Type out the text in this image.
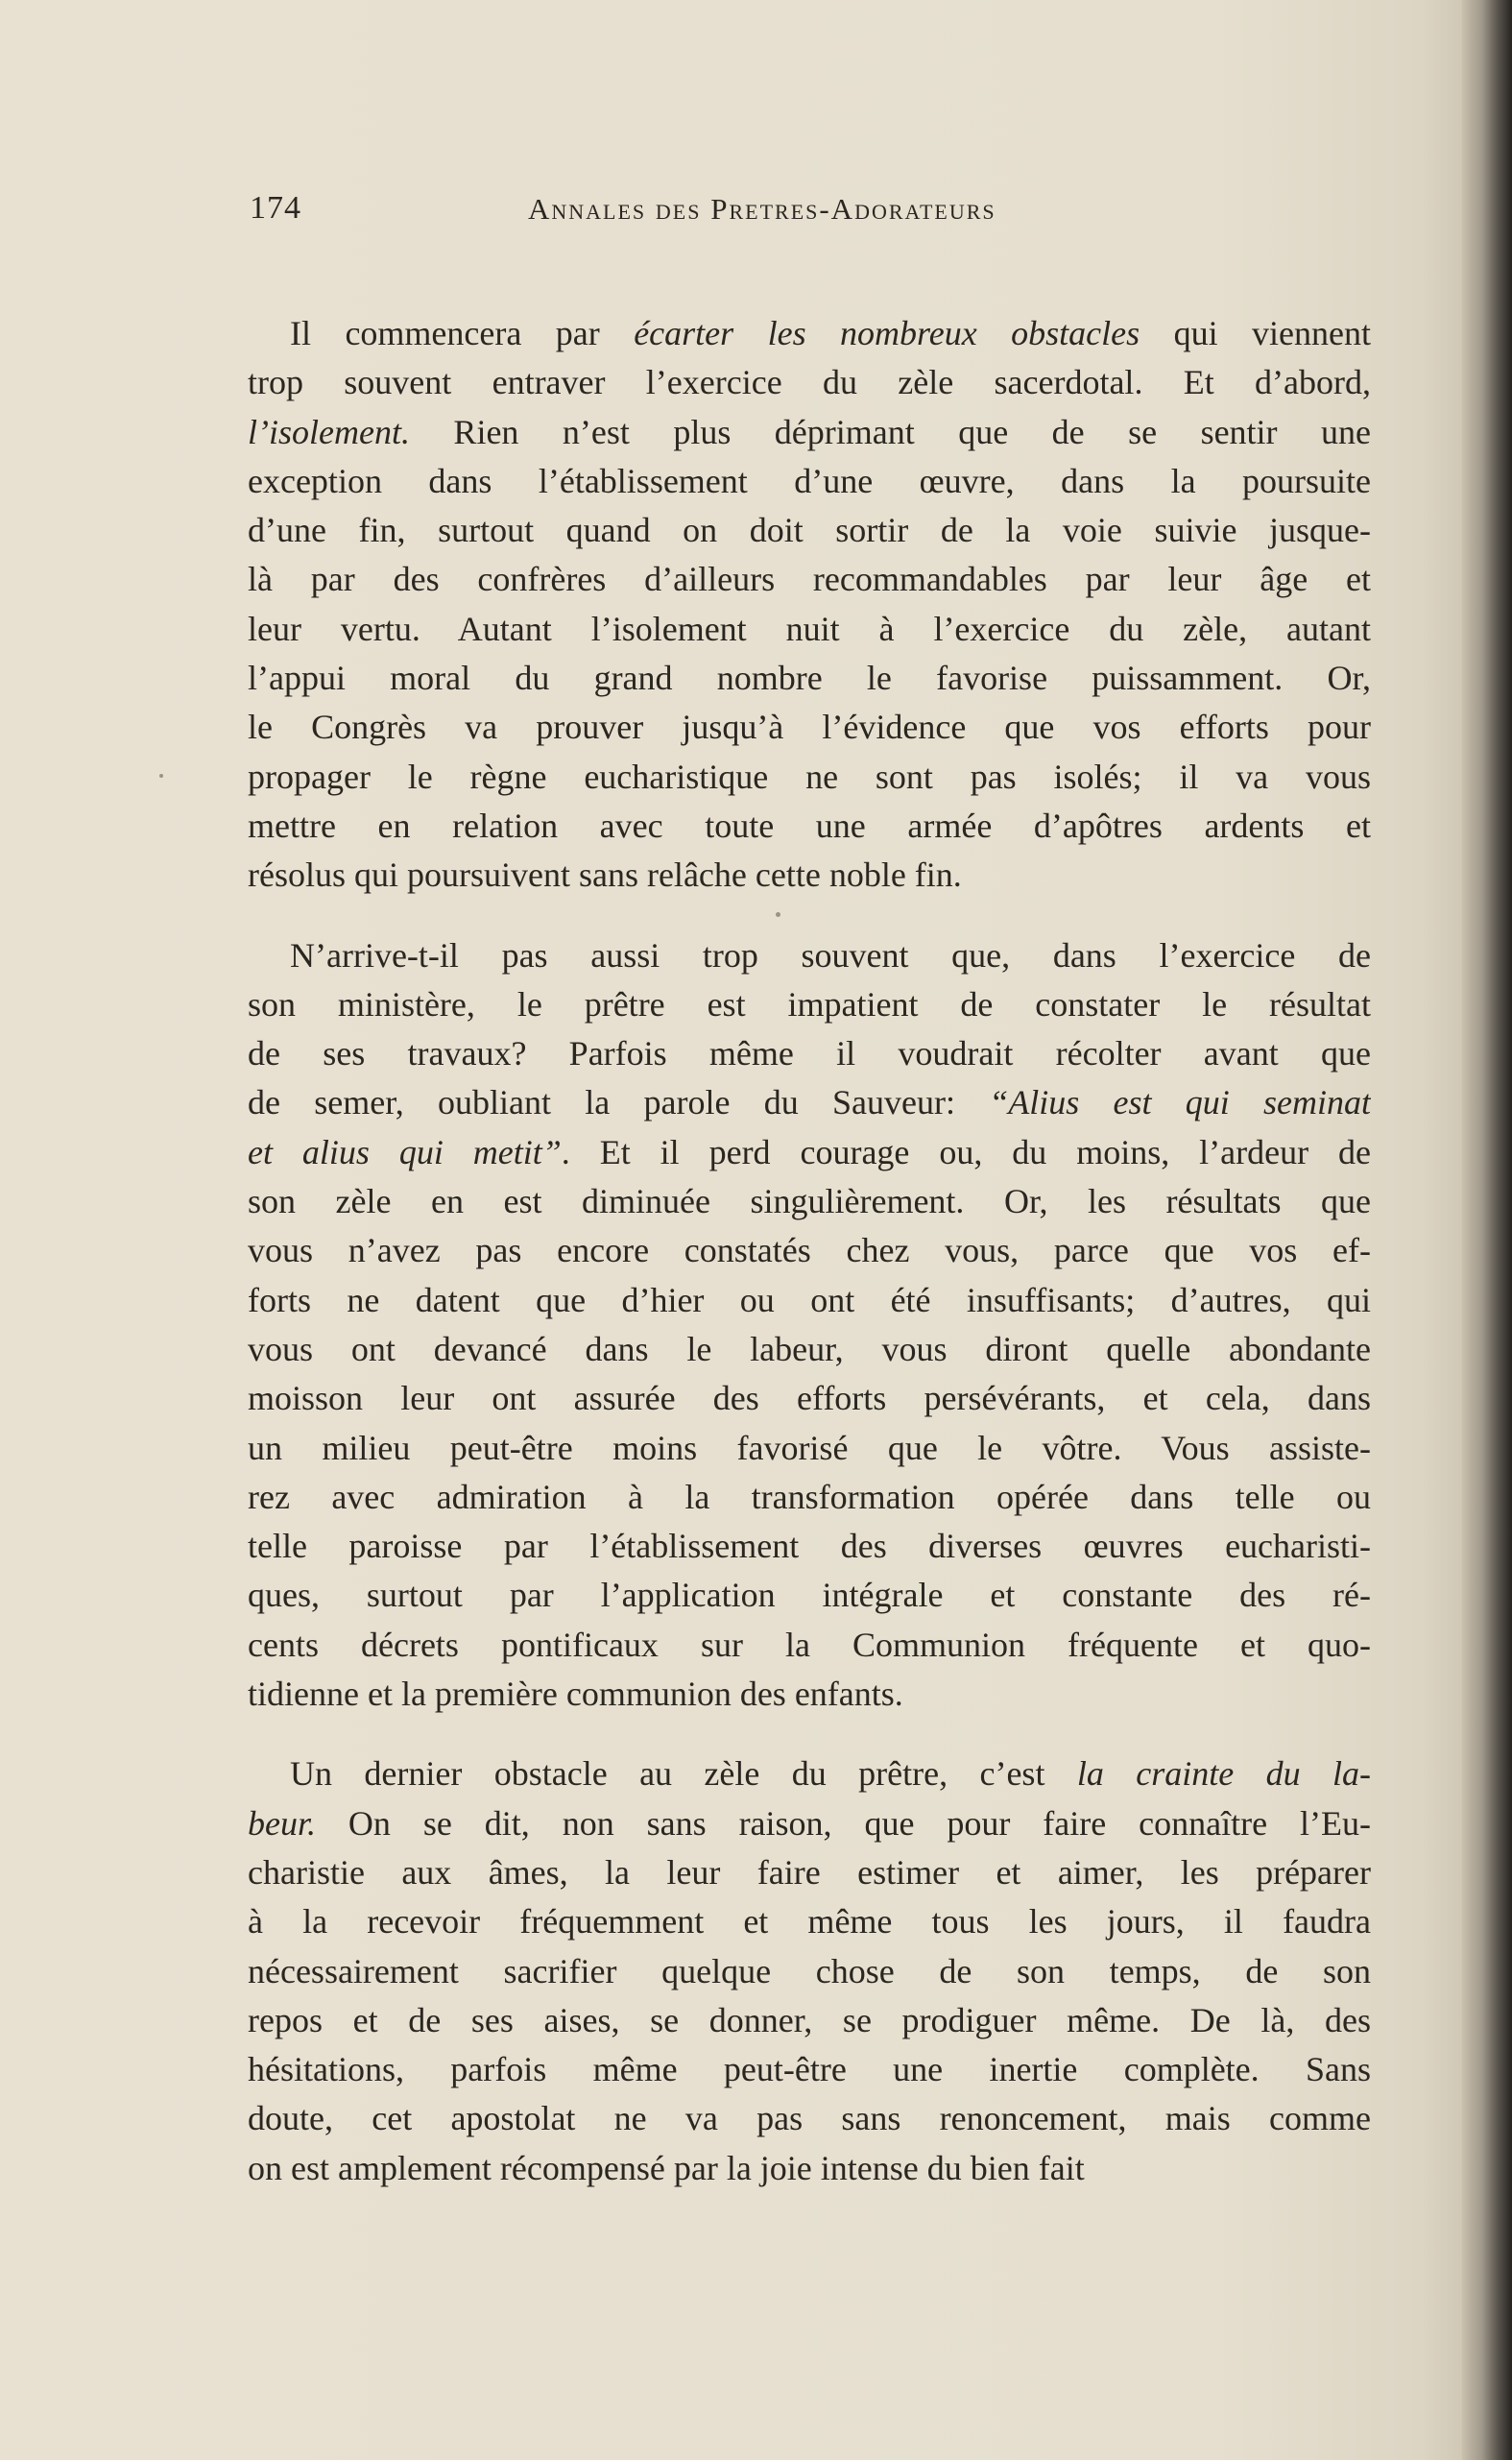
174	Annales des Pretres-Adorateurs
Il commencera par écarter les nombreux obstacles qui viennent
trop souvent entraver l’exercice du zèle sacerdotal. Et d’abord,
l’isolement. Rien n’est plus déprimant que de se sentir une
exception dans l’établissement d’une œuvre, dans la poursuite
d’une fin, surtout quand on doit sortir de la voie suivie jusque-
là par des confrères d’ailleurs recommandables par leur âge et
leur vertu. Autant l’isolement nuit à l’exercice du zèle, autant
l’appui moral du grand nombre le favorise puissamment. Or,
le Congrès va prouver jusqu’à l’évidence que vos efforts pour
propager le règne eucharistique ne sont pas isolés; il va vous
mettre en relation avec toute une armée d’apôtres ardents et
résolus qui poursuivent sans relâche cette noble fin.
N’arrive-t-il pas aussi trop souvent que, dans l’exercice de
son ministère, le prêtre est impatient de constater le résultat
de ses travaux? Parfois même il voudrait récolter avant que
de semer, oubliant la parole du Sauveur: “Alius est qui seminat
et alius qui metit”. Et il perd courage ou, du moins, l’ardeur de
son zèle en est diminuée singulièrement. Or, les résultats que
vous n’avez pas encore constatés chez vous, parce que vos ef-
forts ne datent que d’hier ou ont été insuffisants; d’autres, qui
vous ont devancé dans le labeur, vous diront quelle abondante
moisson leur ont assurée des efforts persévérants, et cela, dans
un milieu peut-être moins favorisé que le vôtre. Vous assiste-
rez avec admiration à la transformation opérée dans telle ou
telle paroisse par l’établissement des diverses œuvres eucharisti-
ques, surtout par l’application intégrale et constante des ré-
cents décrets pontificaux sur la Communion fréquente et quo-
tidienne et la première communion des enfants.
Un dernier obstacle au zèle du prêtre, c’est la crainte du la-
beur. On se dit, non sans raison, que pour faire connaître l’Eu-
charistie aux âmes, la leur faire estimer et aimer, les préparer
à la recevoir fréquemment et même tous les jours, il faudra
nécessairement sacrifier quelque chose de son temps, de son
repos et de ses aises, se donner, se prodiguer même. De là, des
hésitations, parfois même peut-être une inertie complète. Sans
doute, cet apostolat ne va pas sans renoncement, mais comme
on est amplement récompensé par la joie intense du bien fait
